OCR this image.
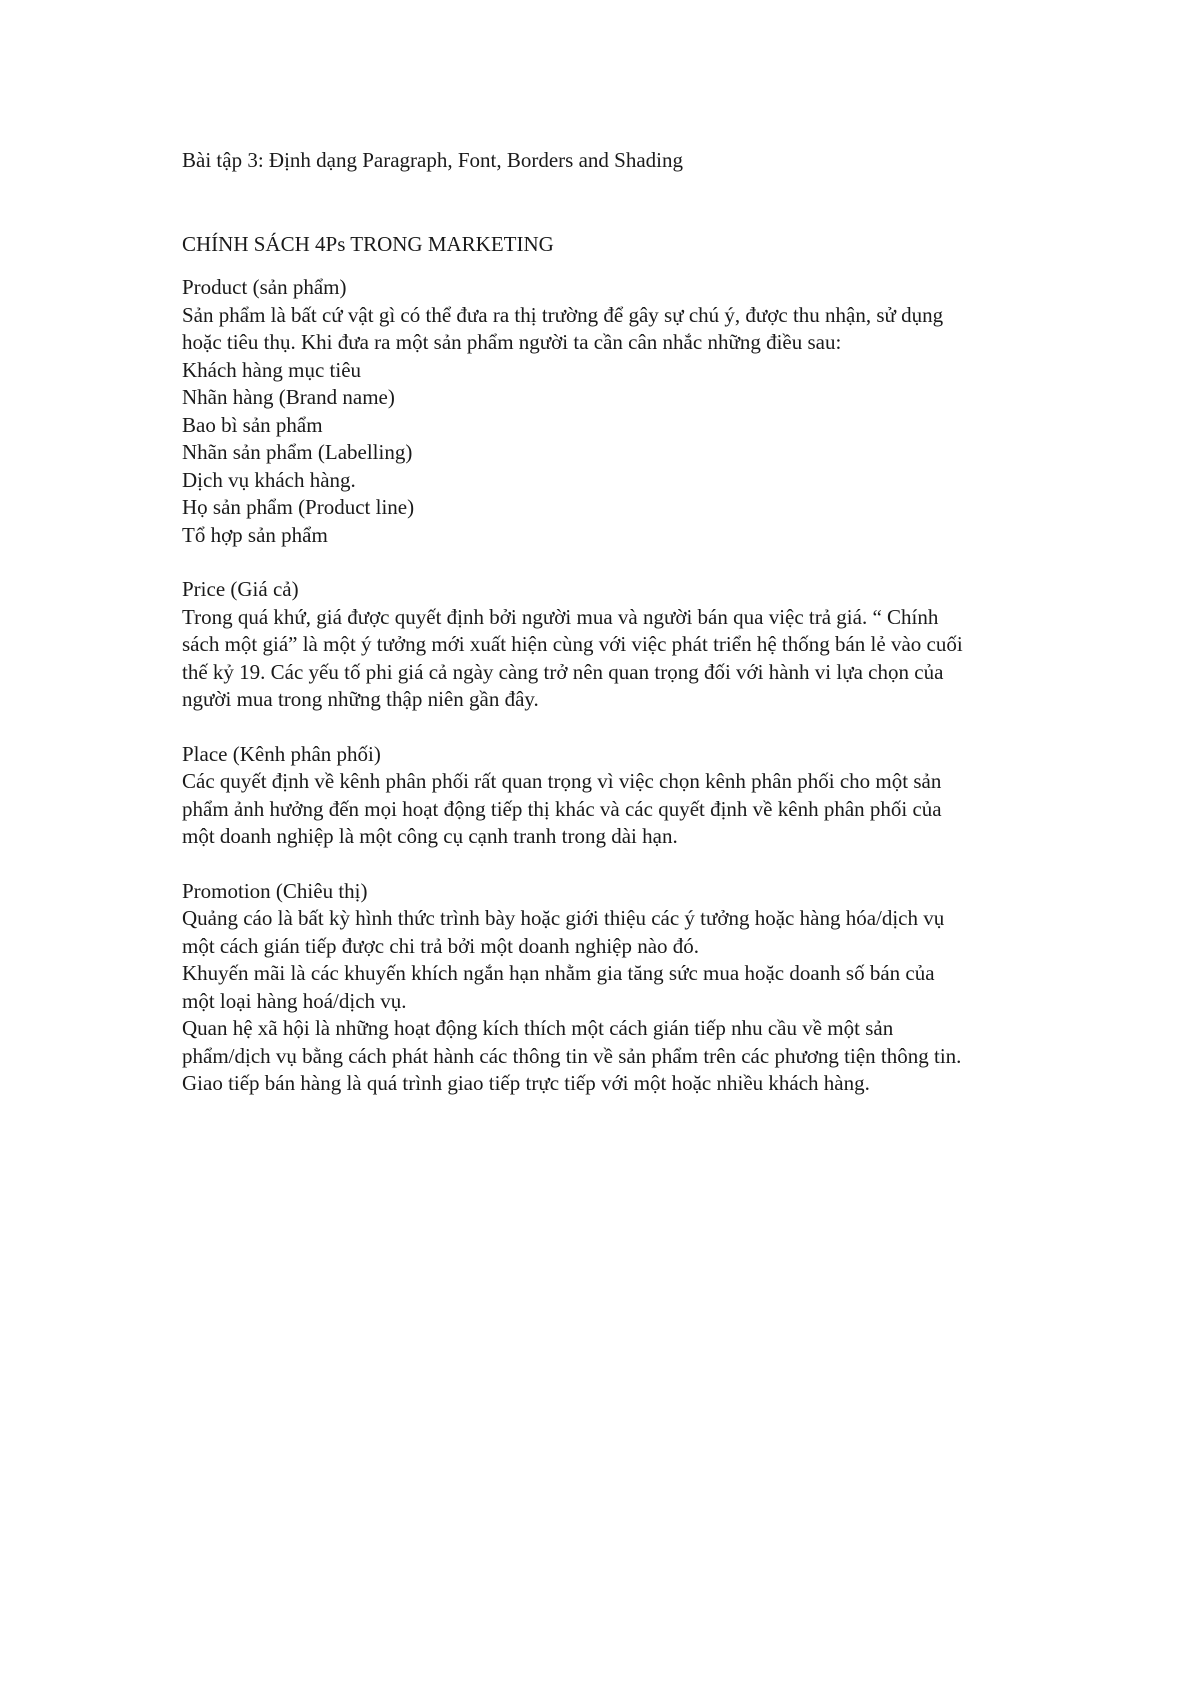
Bài tập 3: Định dạng Paragraph, Font, Borders and Shading
CHÍNH SÁCH 4Ps TRONG MARKETING
Product (sản phẩm)
Sản phẩm là bất cứ vật gì có thể đưa ra thị trường để gây sự chú ý, được thu nhận, sử dụng
hoặc tiêu thụ. Khi đưa ra một sản phẩm người ta cần cân nhắc những điều sau:
Khách hàng mục tiêu
Nhãn hàng (Brand name)
Bao bì sản phẩm
Nhãn sản phẩm (Labelling)
Dịch vụ khách hàng.
Họ sản phẩm (Product line)
Tổ hợp sản phẩm
Price (Giá cả)
Trong quá khứ, giá được quyết định bởi người mua và người bán qua việc trả giá. “ Chính
sách một giá” là một ý tưởng mới xuất hiện cùng với việc phát triển hệ thống bán lẻ vào cuối
thế kỷ 19. Các yếu tố phi giá cả ngày càng trở nên quan trọng đối với hành vi lựa chọn của
người mua trong những thập niên gần đây.
Place (Kênh phân phối)
Các quyết định về kênh phân phối rất quan trọng vì việc chọn kênh phân phối cho một sản
phẩm ảnh hưởng đến mọi hoạt động tiếp thị khác và các quyết định về kênh phân phối của
một doanh nghiệp là một công cụ cạnh tranh trong dài hạn.
Promotion (Chiêu thị)
Quảng cáo là bất kỳ hình thức trình bày hoặc giới thiệu các ý tưởng hoặc hàng hóa/dịch vụ
một cách gián tiếp được chi trả bởi một doanh nghiệp nào đó.
Khuyến mãi là các khuyến khích ngắn hạn nhằm gia tăng sức mua hoặc doanh số bán của
một loại hàng hoá/dịch vụ.
Quan hệ xã hội là những hoạt động kích thích một cách gián tiếp nhu cầu về một sản
phẩm/dịch vụ bằng cách phát hành các thông tin về sản phẩm trên các phương tiện thông tin.
Giao tiếp bán hàng là quá trình giao tiếp trực tiếp với một hoặc nhiều khách hàng.
